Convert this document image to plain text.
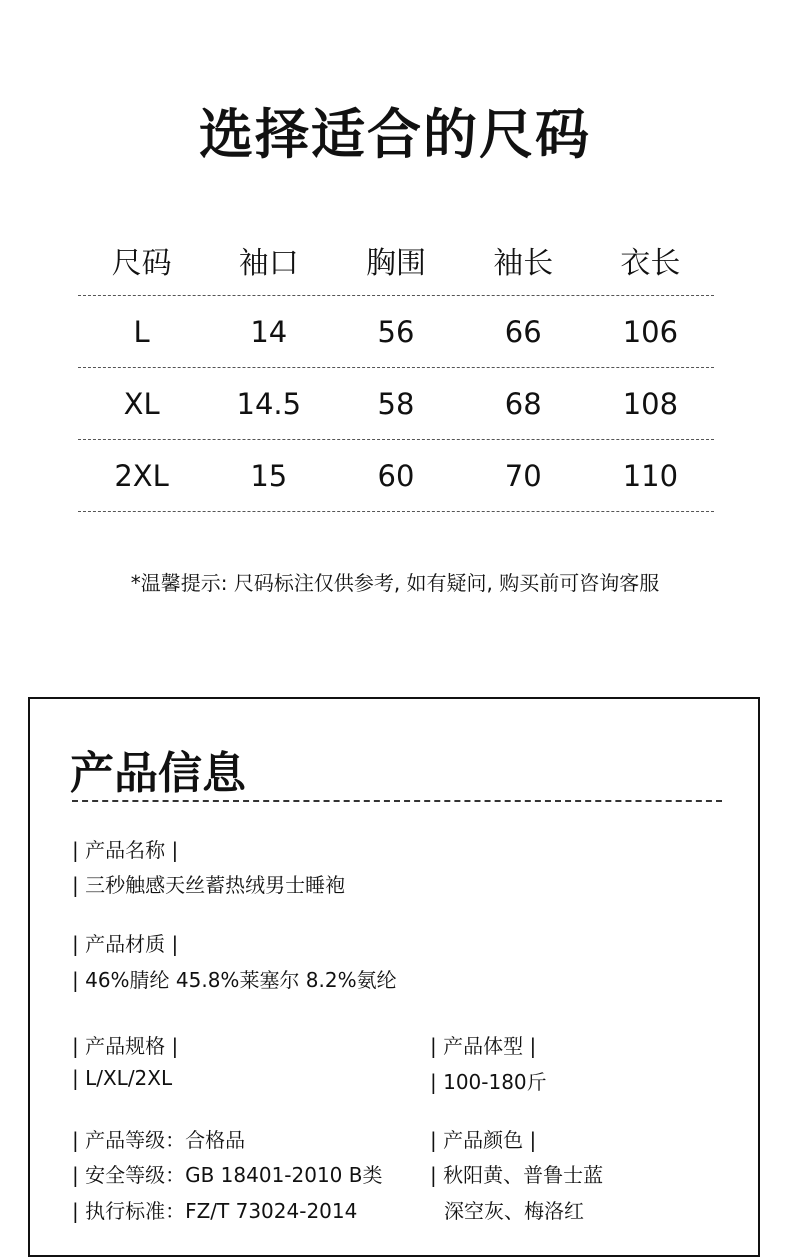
选择适合的尺码
尺码	袖口	胸围	袖长	衣长
L	14	56	66	106
XL	14.5	58	68	108
2XL	15	60	70	110
*温馨提示: 尺码标注仅供参考, 如有疑问, 购买前可咨询客服
产品信息
| 产品名称 |
| 三秒触感天丝蓄热绒男士睡袍
| 产品材质 |
| 46%腈纶 45.8%莱塞尔 8.2%氨纶
| 产品规格 |
| L/XL/2XL
| 产品体型 |
| 100-180斤
| 产品等级：合格品
| 安全等级：GB 18401-2010 B类
| 执行标准：FZ/T 73024-2014
| 产品颜色 |
| 秋阳黄、普鲁士蓝
深空灰、梅洛红
